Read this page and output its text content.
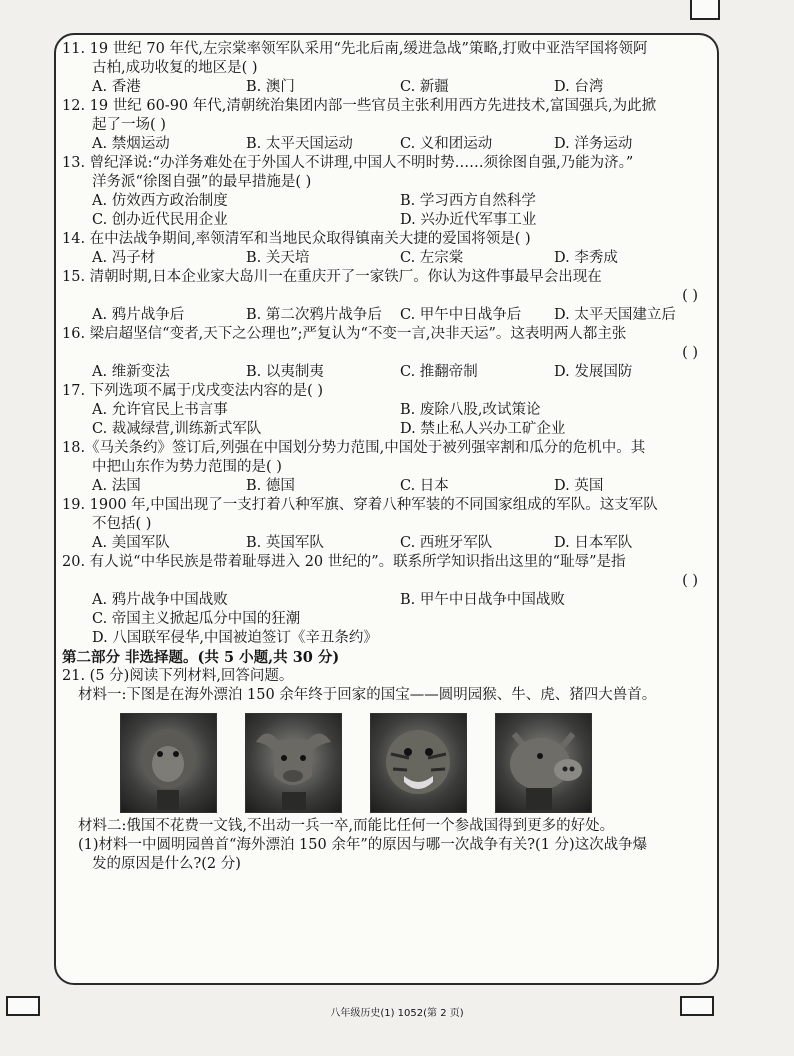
11. 19 世纪 70 年代,左宗棠率领军队采用“先北后南,缓进急战”策略,打败中亚浩罕国将领阿
古柏,成功收复的地区是( )
A. 香港	B. 澳门	C. 新疆	D. 台湾
12. 19 世纪 60-90 年代,清朝统治集团内部一些官员主张利用西方先进技术,富国强兵,为此掀
起了一场( )
A. 禁烟运动	B. 太平天国运动	C. 义和团运动	D. 洋务运动
13. 曾纪泽说:“办洋务难处在于外国人不讲理,中国人不明时势……须徐图自强,乃能为济。”
洋务派“徐图自强”的最早措施是( )
A. 仿效西方政治制度	B. 学习西方自然科学
C. 创办近代民用企业	D. 兴办近代军事工业
14. 在中法战争期间,率领清军和当地民众取得镇南关大捷的爱国将领是( )
A. 冯子材	B. 关天培	C. 左宗棠	D. 李秀成
15. 清朝时期,日本企业家大岛川一在重庆开了一家铁厂。你认为这件事最早会出现在
( )
A. 鸦片战争后	B. 第二次鸦片战争后	C. 甲午中日战争后	D. 太平天国建立后
16. 梁启超坚信“变者,天下之公理也”;严复认为“不变一言,决非天运”。这表明两人都主张
( )
A. 维新变法	B. 以夷制夷	C. 推翻帝制	D. 发展国防
17. 下列选项不属于戊戌变法内容的是( )
A. 允许官民上书言事	B. 废除八股,改试策论
C. 裁减绿营,训练新式军队	D. 禁止私人兴办工矿企业
18.《马关条约》签订后,列强在中国划分势力范围,中国处于被列强宰割和瓜分的危机中。其
中把山东作为势力范围的是( )
A. 法国	B. 德国	C. 日本	D. 英国
19. 1900 年,中国出现了一支打着八种军旗、穿着八种军装的不同国家组成的军队。这支军队
不包括( )
A. 美国军队	B. 英国军队	C. 西班牙军队	D. 日本军队
20. 有人说“中华民族是带着耻辱进入 20 世纪的”。联系所学知识指出这里的“耻辱”是指
( )
A. 鸦片战争中国战败	B. 甲午中日战争中国战败
C. 帝国主义掀起瓜分中国的狂潮
D. 八国联军侵华,中国被迫签订《辛丑条约》
第二部分 非选择题。(共 5 小题,共 30 分)
21. (5 分)阅读下列材料,回答问题。
材料一:下图是在海外漂泊 150 余年终于回家的国宝——圆明园猴、牛、虎、猪四大兽首。
材料二:俄国不花费一文钱,不出动一兵一卒,而能比任何一个参战国得到更多的好处。
(1)材料一中圆明园兽首“海外漂泊 150 余年”的原因与哪一次战争有关?(1 分)这次战争爆
发的原因是什么?(2 分)
八年级历史(1) 1052(第 2 页)
